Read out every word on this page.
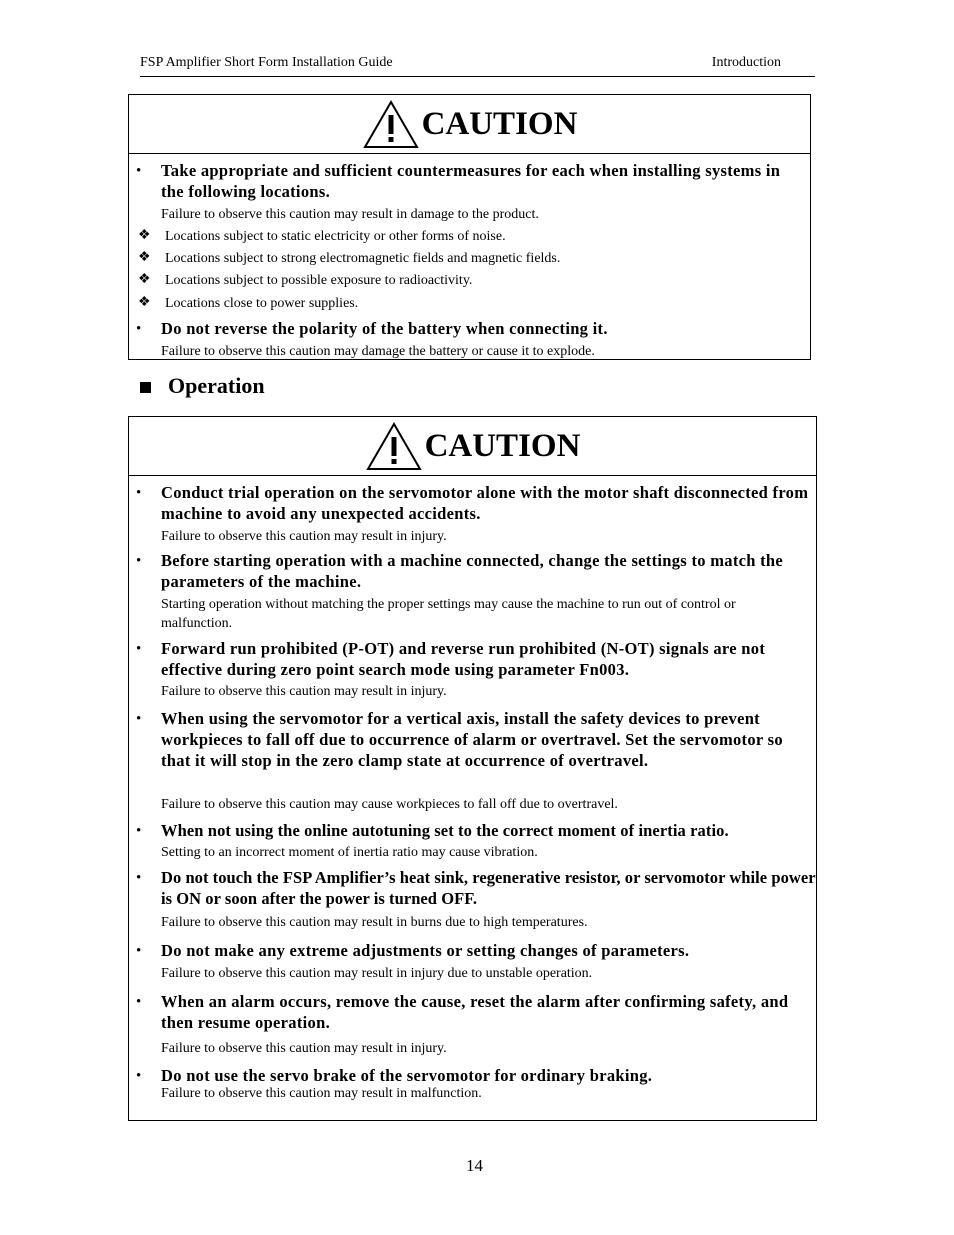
FSP Amplifier Short Form Installation Guide	Introduction
CAUTION
• Take appropriate and sufficient countermeasures for each when installing systems in the following locations.
Failure to observe this caution may result in damage to the product.
❖ Locations subject to static electricity or other forms of noise.
❖ Locations subject to strong electromagnetic fields and magnetic fields.
❖ Locations subject to possible exposure to radioactivity.
❖ Locations close to power supplies.
• Do not reverse the polarity of the battery when connecting it.
Failure to observe this caution may damage the battery or cause it to explode.
Operation
CAUTION
• Conduct trial operation on the servomotor alone with the motor shaft disconnected from machine to avoid any unexpected accidents.
Failure to observe this caution may result in injury.
• Before starting operation with a machine connected, change the settings to match the parameters of the machine.
Starting operation without matching the proper settings may cause the machine to run out of control or malfunction.
• Forward run prohibited (P-OT) and reverse run prohibited (N-OT) signals are not effective during zero point search mode using parameter Fn003.
Failure to observe this caution may result in injury.
• When using the servomotor for a vertical axis, install the safety devices to prevent workpieces to fall off due to occurrence of alarm or overtravel. Set the servomotor so that it will stop in the zero clamp state at occurrence of overtravel.
Failure to observe this caution may cause workpieces to fall off due to overtravel.
• When not using the online autotuning set to the correct moment of inertia ratio.
Setting to an incorrect moment of inertia ratio may cause vibration.
• Do not touch the FSP Amplifier’s heat sink, regenerative resistor, or servomotor while power is ON or soon after the power is turned OFF.
Failure to observe this caution may result in burns due to high temperatures.
• Do not make any extreme adjustments or setting changes of parameters.
Failure to observe this caution may result in injury due to unstable operation.
• When an alarm occurs, remove the cause, reset the alarm after confirming safety, and then resume operation.
Failure to observe this caution may result in injury.
• Do not use the servo brake of the servomotor for ordinary braking.
Failure to observe this caution may result in malfunction.
14
